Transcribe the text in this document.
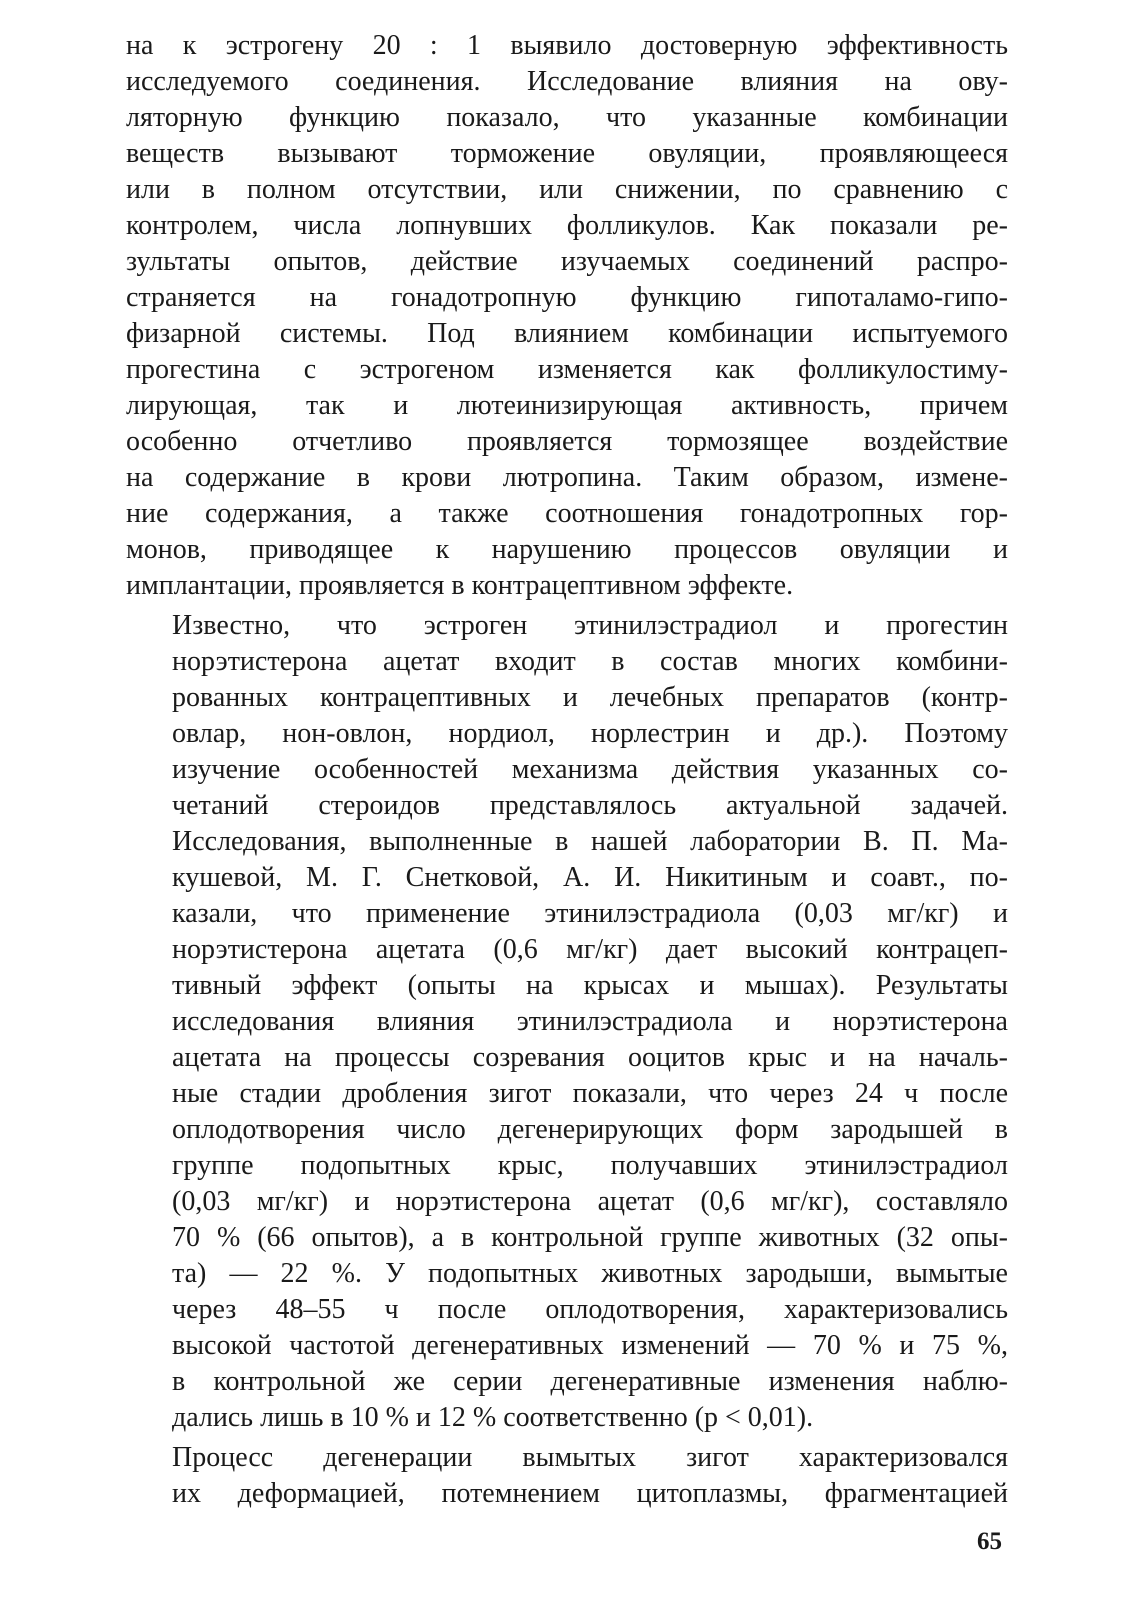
на к эстрогену 20 : 1 выявило достоверную эффективность
исследуемого соединения. Исследование влияния на ову-
ляторную функцию показало, что указанные комбинации
веществ вызывают торможение овуляции, проявляющееся
или в полном отсутствии, или снижении, по сравнению с
контролем, числа лопнувших фолликулов. Как показали ре-
зультаты опытов, действие изучаемых соединений распро-
страняется на гонадотропную функцию гипоталамо-гипо-
физарной системы. Под влиянием комбинации испытуемого
прогестина с эстрогеном изменяется как фолликулостиму-
лирующая, так и лютеинизирующая активность, причем
особенно отчетливо проявляется тормозящее воздействие
на содержание в крови лютропина. Таким образом, измене-
ние содержания, а также соотношения гонадотропных гор-
монов, приводящее к нарушению процессов овуляции и
имплантации, проявляется в контрацептивном эффекте.

Известно, что эстроген этинилэстрадиол и прогестин
норэтистерона ацетат входит в состав многих комбини-
рованных контрацептивных и лечебных препаратов (контр-
овлар, нон-овлон, нордиол, норлестрин и др.). Поэтому
изучение особенностей механизма действия указанных со-
четаний стероидов представлялось актуальной задачей.
Исследования, выполненные в нашей лаборатории В. П. Ма-
кушевой, М. Г. Снетковой, А. И. Никитиным и соавт., по-
казали, что применение этинилэстрадиола (0,03 мг/кг) и
норэтистерона ацетата (0,6 мг/кг) дает высокий контрацеп-
тивный эффект (опыты на крысах и мышах). Результаты
исследования влияния этинилэстрадиола и норэтистерона
ацетата на процессы созревания ооцитов крыс и на началь-
ные стадии дробления зигот показали, что через 24 ч после
оплодотворения число дегенерирующих форм зародышей в
группе подопытных крыс, получавших этинилэстрадиол
(0,03 мг/кг) и норэтистерона ацетат (0,6 мг/кг), составляло
70 % (66 опытов), а в контрольной группе животных (32 опы-
та) — 22 %. У подопытных животных зародыши, вымытые
через 48–55 ч после оплодотворения, характеризовались
высокой частотой дегенеративных изменений — 70 % и 75 %,
в контрольной же серии дегенеративные изменения наблю-
дались лишь в 10 % и 12 % соответственно (р < 0,01).

Процесс дегенерации вымытых зигот характеризовался
их деформацией, потемнением цитоплазмы, фрагментацией

65
